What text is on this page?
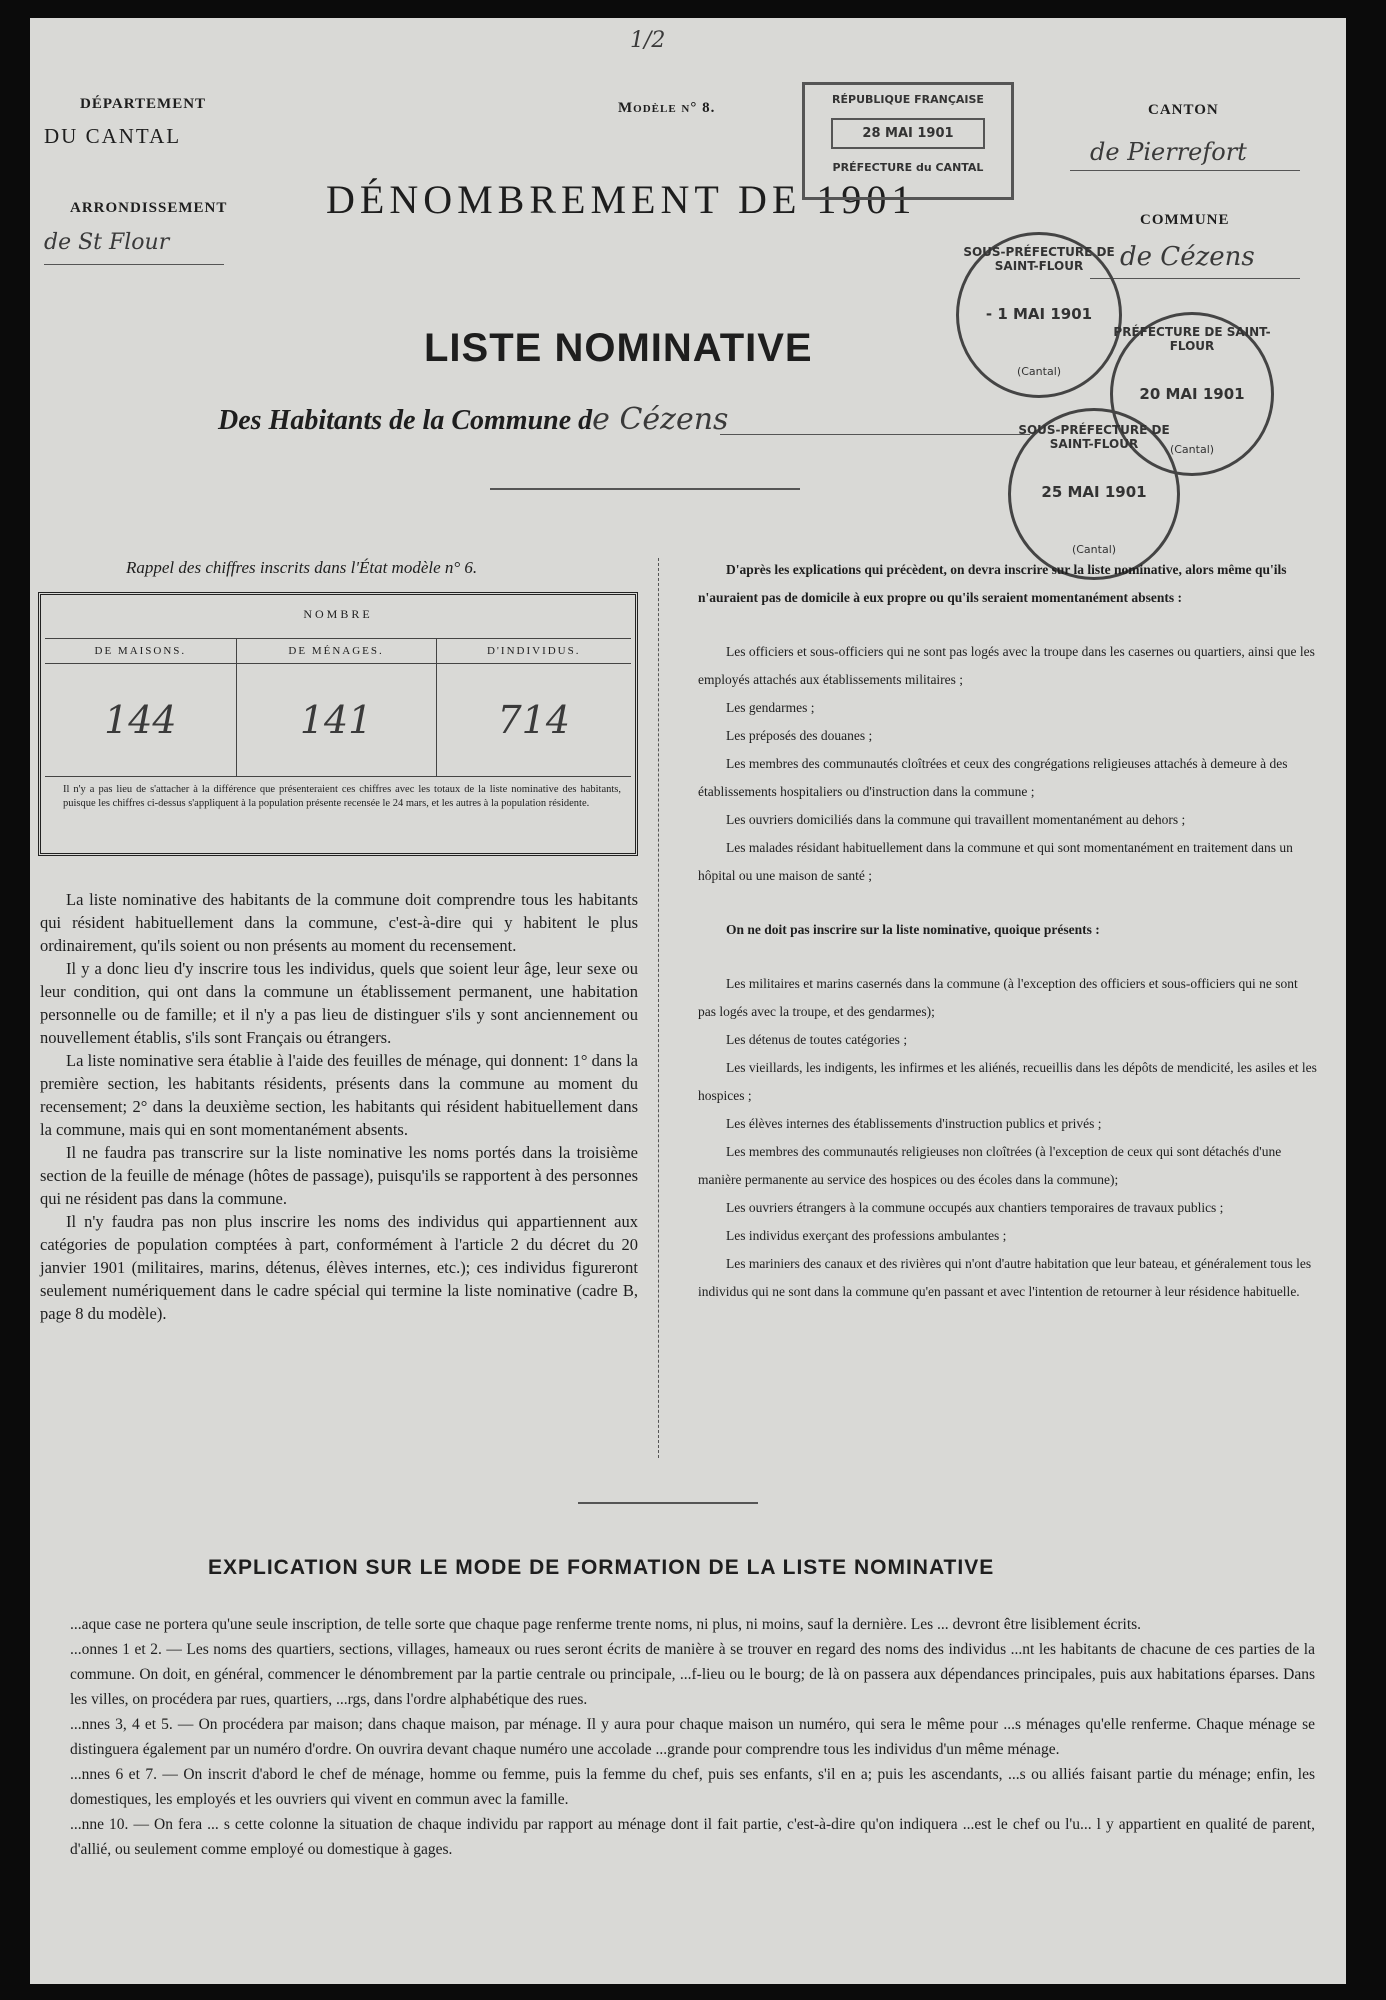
1/2
DÉPARTEMENT
DU CANTAL
ARRONDISSEMENT
de St Flour
Modèle n° 8.
DÉNOMBREMENT DE 1901
CANTON
de Pierrefort
COMMUNE
de Cézens
RÉPUBLIQUE FRANÇAISE
28 MAI 1901
PRÉFECTURE du CANTAL
SOUS-PRÉFECTURE DE SAINT-FLOUR
- 1 MAI 1901
(Cantal)
PRÉFECTURE DE SAINT-FLOUR
20 MAI 1901
(Cantal)
SOUS-PRÉFECTURE DE SAINT-FLOUR
25 MAI 1901
(Cantal)
LISTE NOMINATIVE
Des Habitants de la Commune de Cézens
Rappel des chiffres inscrits dans l'État modèle n° 6.
NOMBRE
DE MAISONS.	DE MÉNAGES.	D'INDIVIDUS.
144	141	714
Il n'y a pas lieu de s'attacher à la différence que présenteraient ces chiffres avec les totaux de la liste nominative des habitants, puisque les chiffres ci-dessus s'appliquent à la population présente recensée le 24 mars, et les autres à la population résidente.

La liste nominative des habitants de la commune doit comprendre tous les habitants qui résident habituellement dans la commune, c'est-à-dire qui y habitent le plus ordinairement, qu'ils soient ou non présents au moment du recensement.

Il y a donc lieu d'y inscrire tous les individus, quels que soient leur âge, leur sexe ou leur condition, qui ont dans la commune un établissement permanent, une habitation personnelle ou de famille; et il n'y a pas lieu de distinguer s'ils y sont anciennement ou nouvellement établis, s'ils sont Français ou étrangers.

La liste nominative sera établie à l'aide des feuilles de ménage, qui donnent: 1° dans la première section, les habitants résidents, présents dans la commune au moment du recensement; 2° dans la deuxième section, les habitants qui résident habituellement dans la commune, mais qui en sont momentanément absents.

Il ne faudra pas transcrire sur la liste nominative les noms portés dans la troisième section de la feuille de ménage (hôtes de passage), puisqu'ils se rapportent à des personnes qui ne résident pas dans la commune.

Il n'y faudra pas non plus inscrire les noms des individus qui appartiennent aux catégories de population comptées à part, conformément à l'article 2 du décret du 20 janvier 1901 (militaires, marins, détenus, élèves internes, etc.); ces individus figureront seulement numériquement dans le cadre spécial qui termine la liste nominative (cadre B, page 8 du modèle).

D'après les explications qui précèdent, on devra inscrire sur la liste nominative, alors même qu'ils n'auraient pas de domicile à eux propre ou qu'ils seraient momentanément absents :

Les officiers et sous-officiers qui ne sont pas logés avec la troupe dans les casernes ou quartiers, ainsi que les employés attachés aux établissements militaires ;

Les gendarmes ;

Les préposés des douanes ;

Les membres des communautés cloîtrées et ceux des congrégations religieuses attachés à demeure à des établissements hospitaliers ou d'instruction dans la commune ;

Les ouvriers domiciliés dans la commune qui travaillent momentanément au dehors ;

Les malades résidant habituellement dans la commune et qui sont momentanément en traitement dans un hôpital ou une maison de santé ;

On ne doit pas inscrire sur la liste nominative, quoique présents :

Les militaires et marins casernés dans la commune (à l'exception des officiers et sous-officiers qui ne sont pas logés avec la troupe, et des gendarmes);

Les détenus de toutes catégories ;

Les vieillards, les indigents, les infirmes et les aliénés, recueillis dans les dépôts de mendicité, les asiles et les hospices ;

Les élèves internes des établissements d'instruction publics et privés ;

Les membres des communautés religieuses non cloîtrées (à l'exception de ceux qui sont détachés d'une manière permanente au service des hospices ou des écoles dans la commune);

Les ouvriers étrangers à la commune occupés aux chantiers temporaires de travaux publics ;

Les individus exerçant des professions ambulantes ;

Les mariniers des canaux et des rivières qui n'ont d'autre habitation que leur bateau, et généralement tous les individus qui ne sont dans la commune qu'en passant et avec l'intention de retourner à leur résidence habituelle.

EXPLICATION SUR LE MODE DE FORMATION DE LA LISTE NOMINATIVE

...aque case ne portera qu'une seule inscription, de telle sorte que chaque page renferme trente noms, ni plus, ni moins, sauf la dernière. Les ... devront être lisiblement écrits.

...onnes 1 et 2. — Les noms des quartiers, sections, villages, hameaux ou rues seront écrits de manière à se trouver en regard des noms des individus ...nt les habitants de chacune de ces parties de la commune. On doit, en général, commencer le dénombrement par la partie centrale ou principale, ...f-lieu ou le bourg; de là on passera aux dépendances principales, puis aux habitations éparses. Dans les villes, on procédera par rues, quartiers, ...rgs, dans l'ordre alphabétique des rues.

...nnes 3, 4 et 5. — On procédera par maison; dans chaque maison, par ménage. Il y aura pour chaque maison un numéro, qui sera le même pour ...s ménages qu'elle renferme. Chaque ménage se distinguera également par un numéro d'ordre. On ouvrira devant chaque numéro une accolade ...grande pour comprendre tous les individus d'un même ménage.

...nnes 6 et 7. — On inscrit d'abord le chef de ménage, homme ou femme, puis la femme du chef, puis ses enfants, s'il en a; puis les ascendants, ...s ou alliés faisant partie du ménage; enfin, les domestiques, les employés et les ouvriers qui vivent en commun avec la famille.

...nne 10. — On fera ... s cette colonne la situation de chaque individu par rapport au ménage dont il fait partie, c'est-à-dire qu'on indiquera ...est le chef ou l'u... l y appartient en qualité de parent, d'allié, ou seulement comme employé ou domestique à gages.
